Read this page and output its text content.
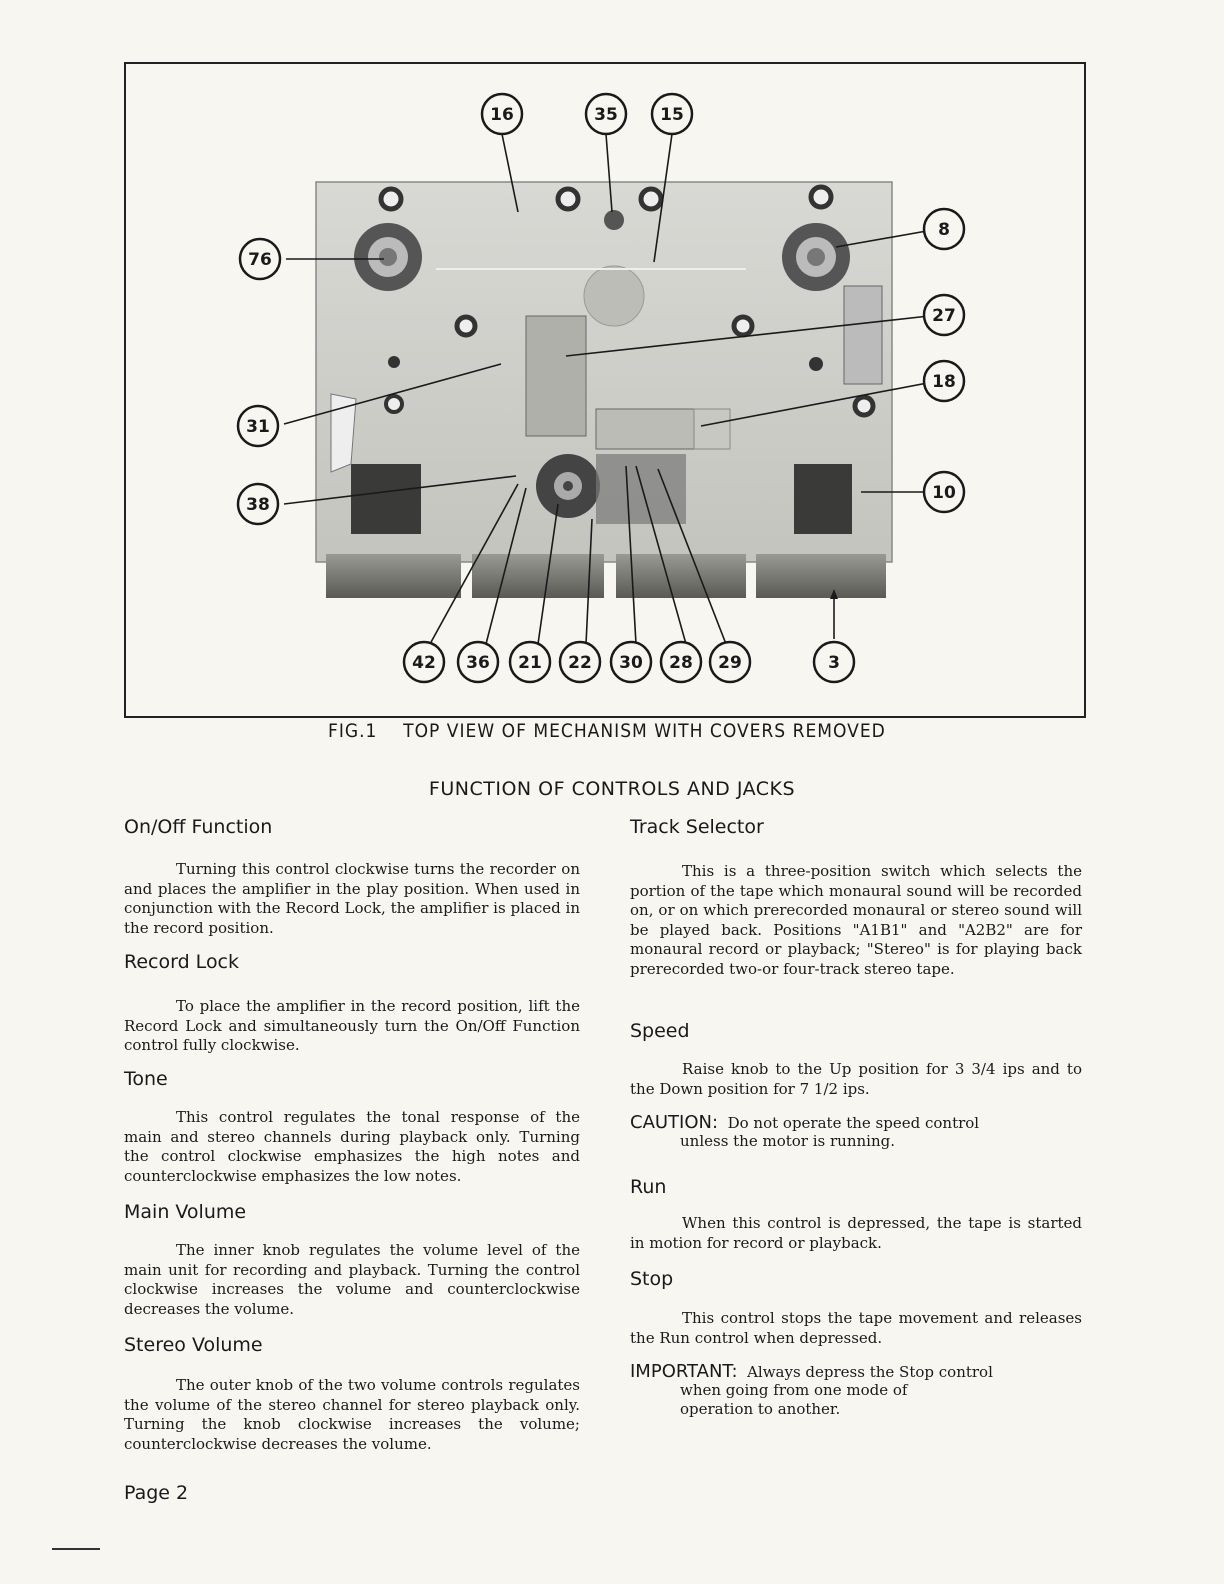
16	35 15
8
76
27
18
31
38
10
42 36 21 22 30 28 29	3
FIG.1 TOP VIEW OF MECHANISM WITH COVERS REMOVED
FUNCTION OF CONTROLS AND JACKS
On/Off Function

Turning this control clockwise turns the recorder on and places the amplifier in the play position. When used in conjunction with the Record Lock, the amplifier is placed in the record position.

Record Lock

To place the amplifier in the record position, lift the Record Lock and simultaneously turn the On/Off Function control fully clockwise.

Tone

This control regulates the tonal response of the main and stereo channels during playback only. Turning the control clockwise emphasizes the high notes and counterclockwise emphasizes the low notes.

Main Volume

The inner knob regulates the volume level of the main unit for recording and playback. Turning the control clockwise increases the volume and counterclockwise decreases the volume.

Stereo Volume

The outer knob of the two volume controls regulates the volume of the stereo channel for stereo playback only. Turning the knob clockwise increases the volume; counterclockwise decreases the volume.

Track Selector

This is a three-position switch which selects the portion of the tape which monaural sound will be recorded on, or on which prerecorded monaural or stereo sound will be played back. Positions "A1B1" and "A2B2" are for monaural record or playback; "Stereo" is for playing back prerecorded two-or four-track stereo tape.

Speed

Raise knob to the Up position for 3 3/4 ips and to the Down position for 7 1/2 ips.

CAUTION: Do not operate the speed control
unless the motor is running.
Run

When this control is depressed, the tape is started in motion for record or playback.

Stop

This control stops the tape movement and releases the Run control when depressed.

IMPORTANT: Always depress the Stop control
when going from one mode of operation to another.
Page 2
